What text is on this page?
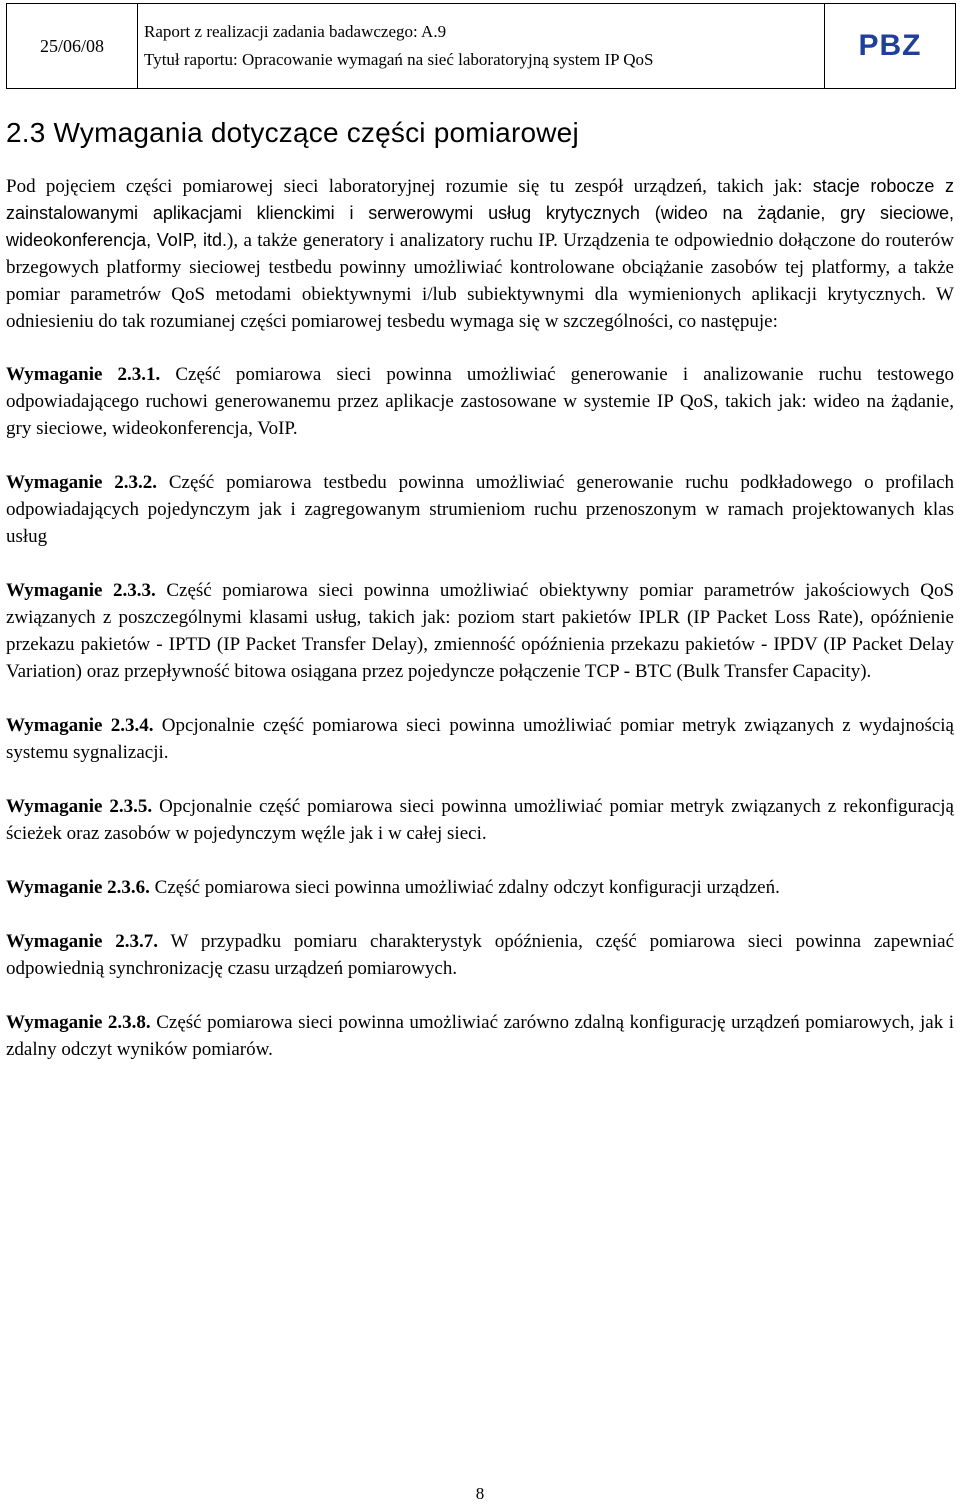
25/06/08	
Raport z realizacji zadania badawczego: A.9
Tytuł raportu: Opracowanie wymagań na sieć laboratoryjną system IP QoS	PBZ
2.3 Wymagania dotyczące części pomiarowej

Pod pojęciem części pomiarowej sieci laboratoryjnej rozumie się tu zespół urządzeń, takich jak: stacje robocze z zainstalowanymi aplikacjami klienckimi i serwerowymi usług krytycznych (wideo na żądanie, gry sieciowe, wideokonferencja, VoIP, itd.), a także generatory i analizatory ruchu IP. Urządzenia te odpowiednio dołączone do routerów brzegowych platformy sieciowej testbedu powinny umożliwiać kontrolowane obciążanie zasobów tej platformy, a także pomiar parametrów QoS metodami obiektywnymi i/lub subiektywnymi dla wymienionych aplikacji krytycznych. W odniesieniu do tak rozumianej części pomiarowej tesbedu wymaga się w szczególności, co następuje:

Wymaganie 2.3.1. Część pomiarowa sieci powinna umożliwiać generowanie i analizowanie ruchu testowego odpowiadającego ruchowi generowanemu przez aplikacje zastosowane w systemie IP QoS, takich jak: wideo na żądanie, gry sieciowe, wideokonferencja, VoIP.

Wymaganie 2.3.2. Część pomiarowa testbedu powinna umożliwiać generowanie ruchu podkładowego o profilach odpowiadających pojedynczym jak i zagregowanym strumieniom ruchu przenoszonym w ramach projektowanych klas usług

Wymaganie 2.3.3. Część pomiarowa sieci powinna umożliwiać obiektywny pomiar parametrów jakościowych QoS związanych z poszczególnymi klasami usług, takich jak: poziom start pakietów IPLR (IP Packet Loss Rate), opóźnienie przekazu pakietów - IPTD (IP Packet Transfer Delay), zmienność opóźnienia przekazu pakietów - IPDV (IP Packet Delay Variation) oraz przepływność bitowa osiągana przez pojedyncze połączenie TCP - BTC (Bulk Transfer Capacity).

Wymaganie 2.3.4. Opcjonalnie część pomiarowa sieci powinna umożliwiać pomiar metryk związanych z wydajnością systemu sygnalizacji.

Wymaganie 2.3.5. Opcjonalnie część pomiarowa sieci powinna umożliwiać pomiar metryk związanych z rekonfiguracją ścieżek oraz zasobów w pojedynczym węźle jak i w całej sieci.

Wymaganie 2.3.6. Część pomiarowa sieci powinna umożliwiać zdalny odczyt konfiguracji urządzeń.

Wymaganie 2.3.7. W przypadku pomiaru charakterystyk opóźnienia, część pomiarowa sieci powinna zapewniać odpowiednią synchronizację czasu urządzeń pomiarowych.

Wymaganie 2.3.8. Część pomiarowa sieci powinna umożliwiać zarówno zdalną konfigurację urządzeń pomiarowych, jak i zdalny odczyt wyników pomiarów.

8
